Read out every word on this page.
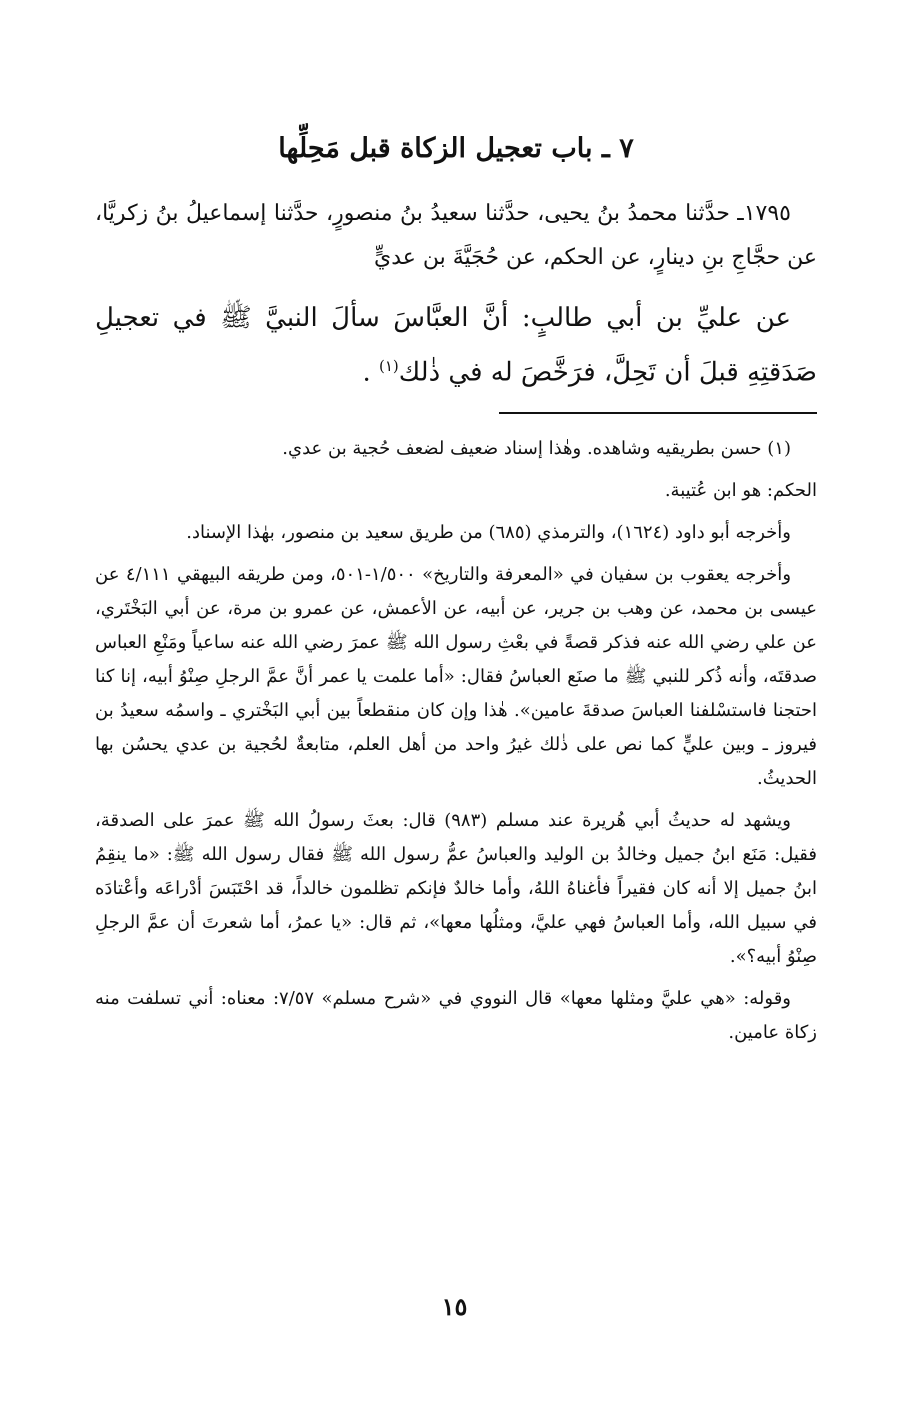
٧ ـ باب تعجيل الزكاة قبل مَحِلِّها

١٧٩٥ـ حدَّثنا محمدُ بنُ يحيى، حدَّثنا سعيدُ بنُ منصورٍ، حدَّثنا إسماعيلُ بنُ زكريَّا، عن حجَّاجِ بنِ دينارٍ، عن الحكم، عن حُجَيَّةَ بن عديٍّ

عن عليِّ بن أبي طالبٍ: أنَّ العبَّاسَ سألَ النبيَّ ﷺ في تعجيلِ صَدَقتِهِ قبلَ أن تَحِلَّ، فرَخَّصَ له في ذٰلك$^{(١)}$ .

(١) حسن بطريقيه وشاهده. وهٰذا إسناد ضعيف لضعف حُجية بن عدي.

الحكم: هو ابن عُتيبة.

وأخرجه أبو داود (١٦٢٤)، والترمذي (٦٨٥) من طريق سعيد بن منصور، بهٰذا الإسناد.

وأخرجه يعقوب بن سفيان في «المعرفة والتاريخ» ١/٥٠٠-٥٠١، ومن طريقه البيهقي ٤/١١١ عن عيسى بن محمد، عن وهب بن جرير، عن أبيه، عن الأعمش، عن عمرو بن مرة، عن أبي البَخْتَري، عن علي رضي الله عنه فذكر قصةً في بعْثِ رسول الله ﷺ عمرَ رضي الله عنه ساعياً ومَنْعِ العباس صدقتَه، وأنه ذُكر للنبي ﷺ ما صنَع العباسُ فقال: «أما علمت يا عمر أنَّ عمَّ الرجلِ صِنْوُ أبيه، إنا كنا احتجنا فاستسْلفنا العباسَ صدقةَ عامين». هٰذا وإن كان منقطعاً بين أبي البَخْتري ـ واسمُه سعيدُ بن فيروز ـ وبين عليٍّ كما نص على ذٰلك غيرُ واحد من أهل العلم، متابعةٌ لحُجية بن عدي يحسُن بها الحديثُ.

ويشهد له حديثُ أبي هُريرة عند مسلم (٩٨٣) قال: بعثَ رسولُ الله ﷺ عمرَ على الصدقة، فقيل: مَنَع ابنُ جميل وخالدُ بن الوليد والعباسُ عمُّ رسول الله ﷺ فقال رسول الله ﷺ: «ما ينقِمُ ابنُ جميل إلا أنه كان فقيراً فأغناهُ اللهُ، وأما خالدٌ فإنكم تظلمون خالداً، قد احْتَبَسَ أدْراعَه وأعْتادَه في سبيل الله، وأما العباسُ فهي عليَّ، ومثلُها معها»، ثم قال: «يا عمرُ، أما شعرتَ أن عمَّ الرجلِ صِنْوُ أبيه؟».

وقوله: «هي عليَّ ومثلها معها» قال النووي في «شرح مسلم» ٧/٥٧: معناه: أني تسلفت منه زكاة عامين.

١٥
